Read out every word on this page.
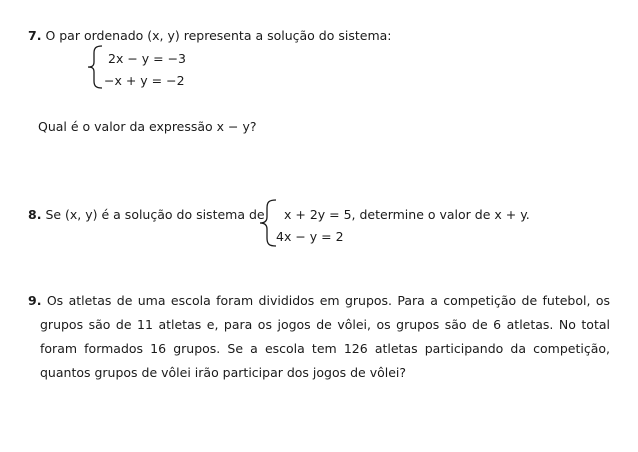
7. O par ordenado (x, y) representa a solução do sistema:
2x − y = −3
−x + y = −2
Qual é o valor da expressão x − y?
8. Se (x, y) é a solução do sistema de x + 2y = 5, determine o valor de x + y.
4x − y = 2
9. Os atletas de uma escola foram divididos em grupos. Para a competição de futebol, os
grupos são de 11 atletas e, para os jogos de vôlei, os grupos são de 6 atletas. No total
foram formados 16 grupos. Se a escola tem 126 atletas participando da competição,
quantos grupos de vôlei irão participar dos jogos de vôlei?
